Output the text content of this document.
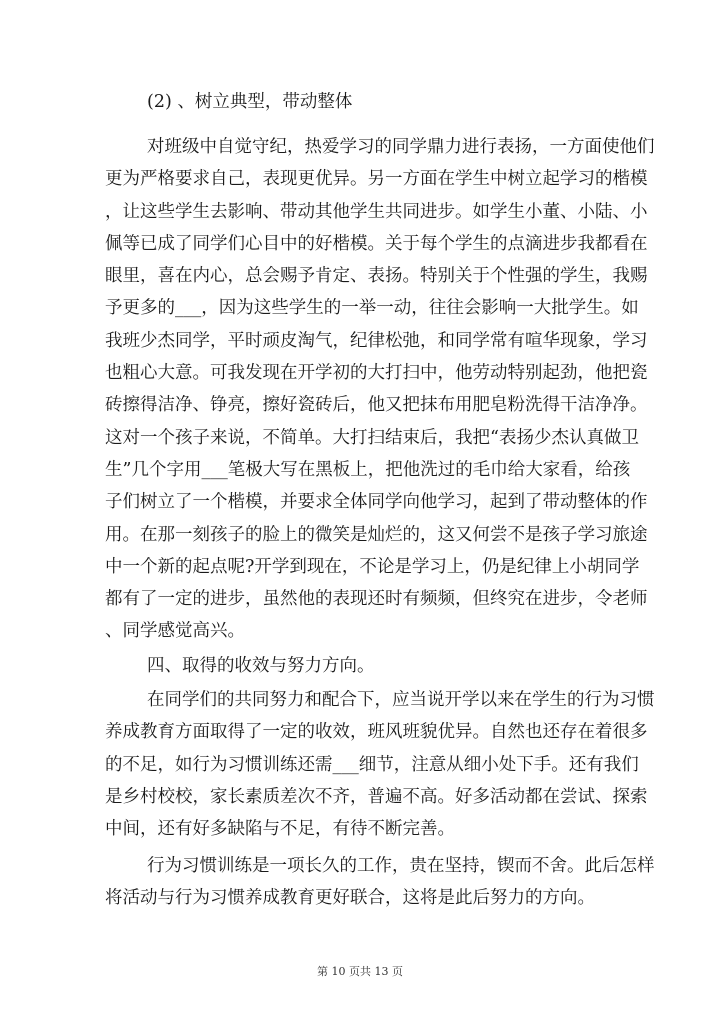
(2) 、树立典型，带动整体
对班级中自觉守纪，热爱学习的同学鼎力进行表扬，一方面使他们
更为严格要求自己，表现更优异。另一方面在学生中树立起学习的楷模
，让这些学生去影响、带动其他学生共同进步。如学生小董、小陆、小
佩等已成了同学们心目中的好楷模。关于每个学生的点滴进步我都看在
眼里，喜在内心，总会赐予肯定、表扬。特别关于个性强的学生，我赐
予更多的___，因为这些学生的一举一动，往往会影响一大批学生。如
我班少杰同学，平时顽皮淘气，纪律松弛，和同学常有喧华现象，学习
也粗心大意。可我发现在开学初的大打扫中，他劳动特别起劲，他把瓷
砖擦得洁净、铮亮，擦好瓷砖后，他又把抹布用肥皂粉洗得干洁净净。
这对一个孩子来说，不简单。大打扫结束后，我把“表扬少杰认真做卫
生”几个字用___笔极大写在黑板上，把他洗过的毛巾给大家看，给孩
子们树立了一个楷模，并要求全体同学向他学习，起到了带动整体的作
用。在那一刻孩子的脸上的微笑是灿烂的，这又何尝不是孩子学习旅途
中一个新的起点呢?开学到现在，不论是学习上，仍是纪律上小胡同学
都有了一定的进步，虽然他的表现还时有频频，但终究在进步，令老师
、同学感觉高兴。
四、取得的收效与努力方向。
在同学们的共同努力和配合下，应当说开学以来在学生的行为习惯
养成教育方面取得了一定的收效，班风班貌优异。自然也还存在着很多
的不足，如行为习惯训练还需___细节，注意从细小处下手。还有我们
是乡村校校，家长素质差次不齐，普遍不高。好多活动都在尝试、探索
中间，还有好多缺陷与不足，有待不断完善。
行为习惯训练是一项长久的工作，贵在坚持，锲而不舍。此后怎样
将活动与行为习惯养成教育更好联合，这将是此后努力的方向。
第 10 页共 13 页
